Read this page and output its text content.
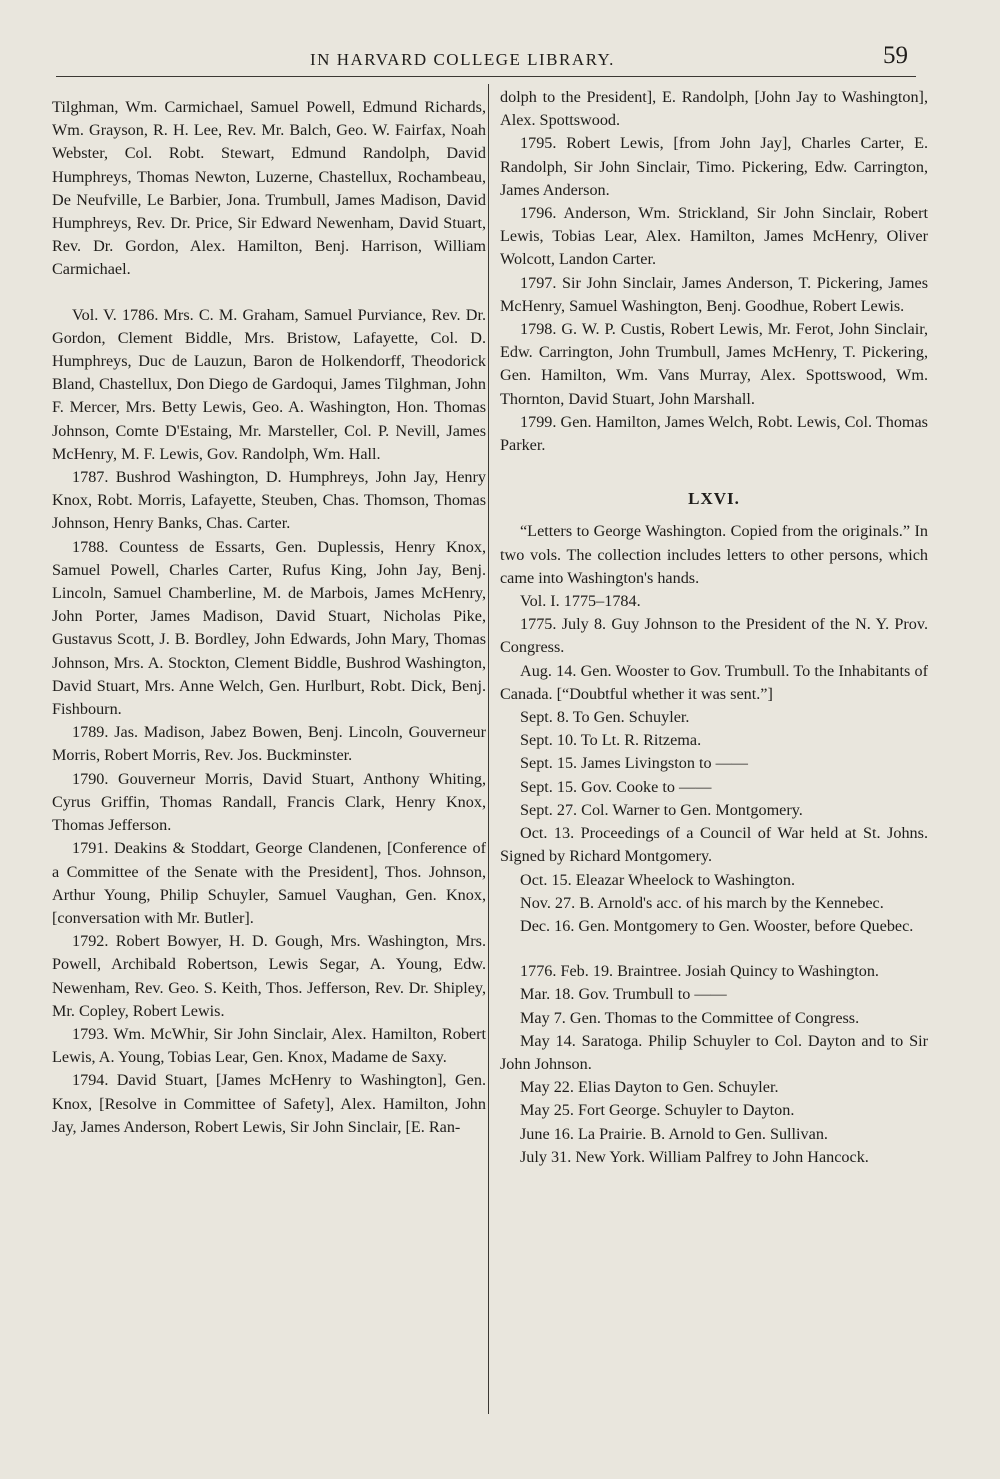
IN HARVARD COLLEGE LIBRARY.	59

Tilghman, Wm. Carmichael, Samuel Powell, Edmund Richards, Wm. Grayson, R. H. Lee, Rev. Mr. Balch, Geo. W. Fairfax, Noah Webster, Col. Robt. Stewart, Edmund Randolph, David Humphreys, Thomas Newton, Luzerne, Chastellux, Rochambeau, De Neufville, Le Barbier, Jona. Trumbull, James Madison, David Humphreys, Rev. Dr. Price, Sir Edward Newenham, David Stuart, Rev. Dr. Gordon, Alex. Hamilton, Benj. Harrison, William Carmichael.

Vol. V. 1786. Mrs. C. M. Graham, Samuel Purviance, Rev. Dr. Gordon, Clement Biddle, Mrs. Bristow, Lafayette, Col. D. Humphreys, Duc de Lauzun, Baron de Holkendorff, Theodorick Bland, Chastellux, Don Diego de Gardoqui, James Tilghman, John F. Mercer, Mrs. Betty Lewis, Geo. A. Washington, Hon. Thomas Johnson, Comte D'Estaing, Mr. Marsteller, Col. P. Nevill, James McHenry, M. F. Lewis, Gov. Randolph, Wm. Hall.

1787. Bushrod Washington, D. Humphreys, John Jay, Henry Knox, Robt. Morris, Lafayette, Steuben, Chas. Thomson, Thomas Johnson, Henry Banks, Chas. Carter.

1788. Countess de Essarts, Gen. Duplessis, Henry Knox, Samuel Powell, Charles Carter, Rufus King, John Jay, Benj. Lincoln, Samuel Chamberline, M. de Marbois, James McHenry, John Porter, James Madison, David Stuart, Nicholas Pike, Gustavus Scott, J. B. Bordley, John Edwards, John Mary, Thomas Johnson, Mrs. A. Stockton, Clement Biddle, Bushrod Washington, David Stuart, Mrs. Anne Welch, Gen. Hurlburt, Robt. Dick, Benj. Fishbourn.

1789. Jas. Madison, Jabez Bowen, Benj. Lincoln, Gouverneur Morris, Robert Morris, Rev. Jos. Buckminster.

1790. Gouverneur Morris, David Stuart, Anthony Whiting, Cyrus Griffin, Thomas Randall, Francis Clark, Henry Knox, Thomas Jefferson.

1791. Deakins & Stoddart, George Clandenen, [Conference of a Committee of the Senate with the President], Thos. Johnson, Arthur Young, Philip Schuyler, Samuel Vaughan, Gen. Knox, [conversation with Mr. Butler].

1792. Robert Bowyer, H. D. Gough, Mrs. Washington, Mrs. Powell, Archibald Robertson, Lewis Segar, A. Young, Edw. Newenham, Rev. Geo. S. Keith, Thos. Jefferson, Rev. Dr. Shipley, Mr. Copley, Robert Lewis.

1793. Wm. McWhir, Sir John Sinclair, Alex. Hamilton, Robert Lewis, A. Young, Tobias Lear, Gen. Knox, Madame de Saxy.

1794. David Stuart, [James McHenry to Washington], Gen. Knox, [Resolve in Committee of Safety], Alex. Hamilton, John Jay, James Anderson, Robert Lewis, Sir John Sinclair, [E. Ran-

dolph to the President], E. Randolph, [John Jay to Washington], Alex. Spottswood.

1795. Robert Lewis, [from John Jay], Charles Carter, E. Randolph, Sir John Sinclair, Timo. Pickering, Edw. Carrington, James Anderson.

1796. Anderson, Wm. Strickland, Sir John Sinclair, Robert Lewis, Tobias Lear, Alex. Hamilton, James McHenry, Oliver Wolcott, Landon Carter.

1797. Sir John Sinclair, James Anderson, T. Pickering, James McHenry, Samuel Washington, Benj. Goodhue, Robert Lewis.

1798. G. W. P. Custis, Robert Lewis, Mr. Ferot, John Sinclair, Edw. Carrington, John Trumbull, James McHenry, T. Pickering, Gen. Hamilton, Wm. Vans Murray, Alex. Spottswood, Wm. Thornton, David Stuart, John Marshall.

1799. Gen. Hamilton, James Welch, Robt. Lewis, Col. Thomas Parker.

LXVI.

“Letters to George Washington. Copied from the originals.” In two vols. The collection includes letters to other persons, which came into Washington's hands.

Vol. I. 1775–1784.

1775. July 8. Guy Johnson to the President of the N. Y. Prov. Congress.

Aug. 14. Gen. Wooster to Gov. Trumbull. To the Inhabitants of Canada. [“Doubtful whether it was sent.”]

Sept. 8. To Gen. Schuyler.

Sept. 10. To Lt. R. Ritzema.

Sept. 15. James Livingston to ——

Sept. 15. Gov. Cooke to ——

Sept. 27. Col. Warner to Gen. Montgomery.

Oct. 13. Proceedings of a Council of War held at St. Johns. Signed by Richard Montgomery.

Oct. 15. Eleazar Wheelock to Washington.

Nov. 27. B. Arnold's acc. of his march by the Kennebec.

Dec. 16. Gen. Montgomery to Gen. Wooster, before Quebec.

1776. Feb. 19. Braintree. Josiah Quincy to Washington.

Mar. 18. Gov. Trumbull to ——

May 7. Gen. Thomas to the Committee of Congress.

May 14. Saratoga. Philip Schuyler to Col. Dayton and to Sir John Johnson.

May 22. Elias Dayton to Gen. Schuyler.

May 25. Fort George. Schuyler to Dayton.

June 16. La Prairie. B. Arnold to Gen. Sullivan.

July 31. New York. William Palfrey to John Hancock.
